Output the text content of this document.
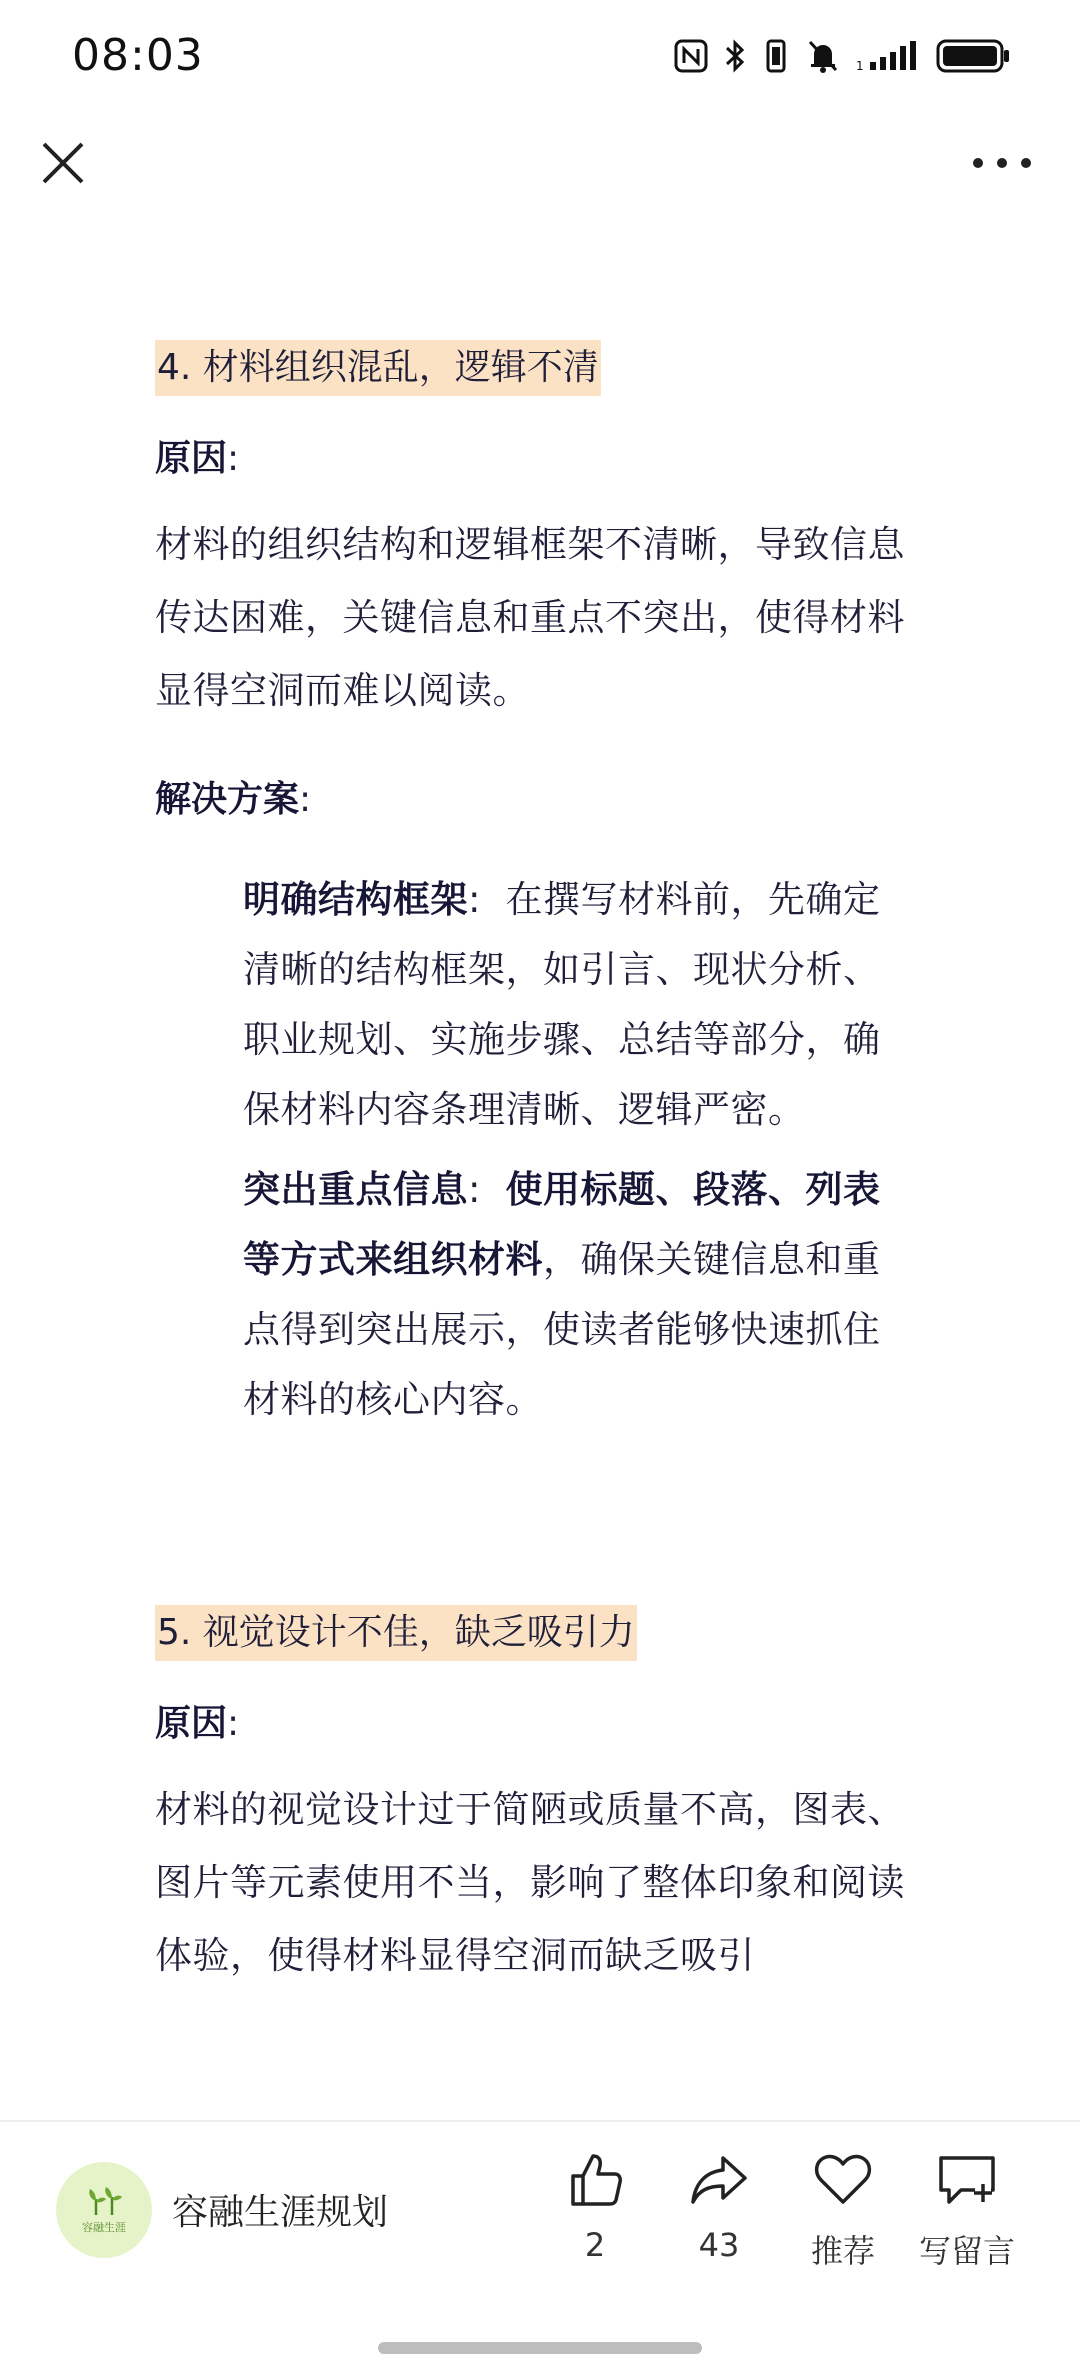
08:03	1
4. 材料组织混乱，逻辑不清
原因:
材料的组织结构和逻辑框架不清晰，导致信息传达困难，关键信息和重点不突出，使得材料显得空洞而难以阅读。
解决方案:
明确结构框架: 在撰写材料前，先确定清晰的结构框架，如引言、现状分析、职业规划、实施步骤、总结等部分，确保材料内容条理清晰、逻辑严密。
突出重点信息: 使用标题、段落、列表等方式来组织材料，确保关键信息和重点得到突出展示，使读者能够快速抓住材料的核心内容。
5. 视觉设计不佳，缺乏吸引力
原因:
材料的视觉设计过于简陋或质量不高，图表、图片等元素使用不当，影响了整体印象和阅读体验，使得材料显得空洞而缺乏吸引
容融生涯 容融生涯规划
2	43	推荐	写留言
